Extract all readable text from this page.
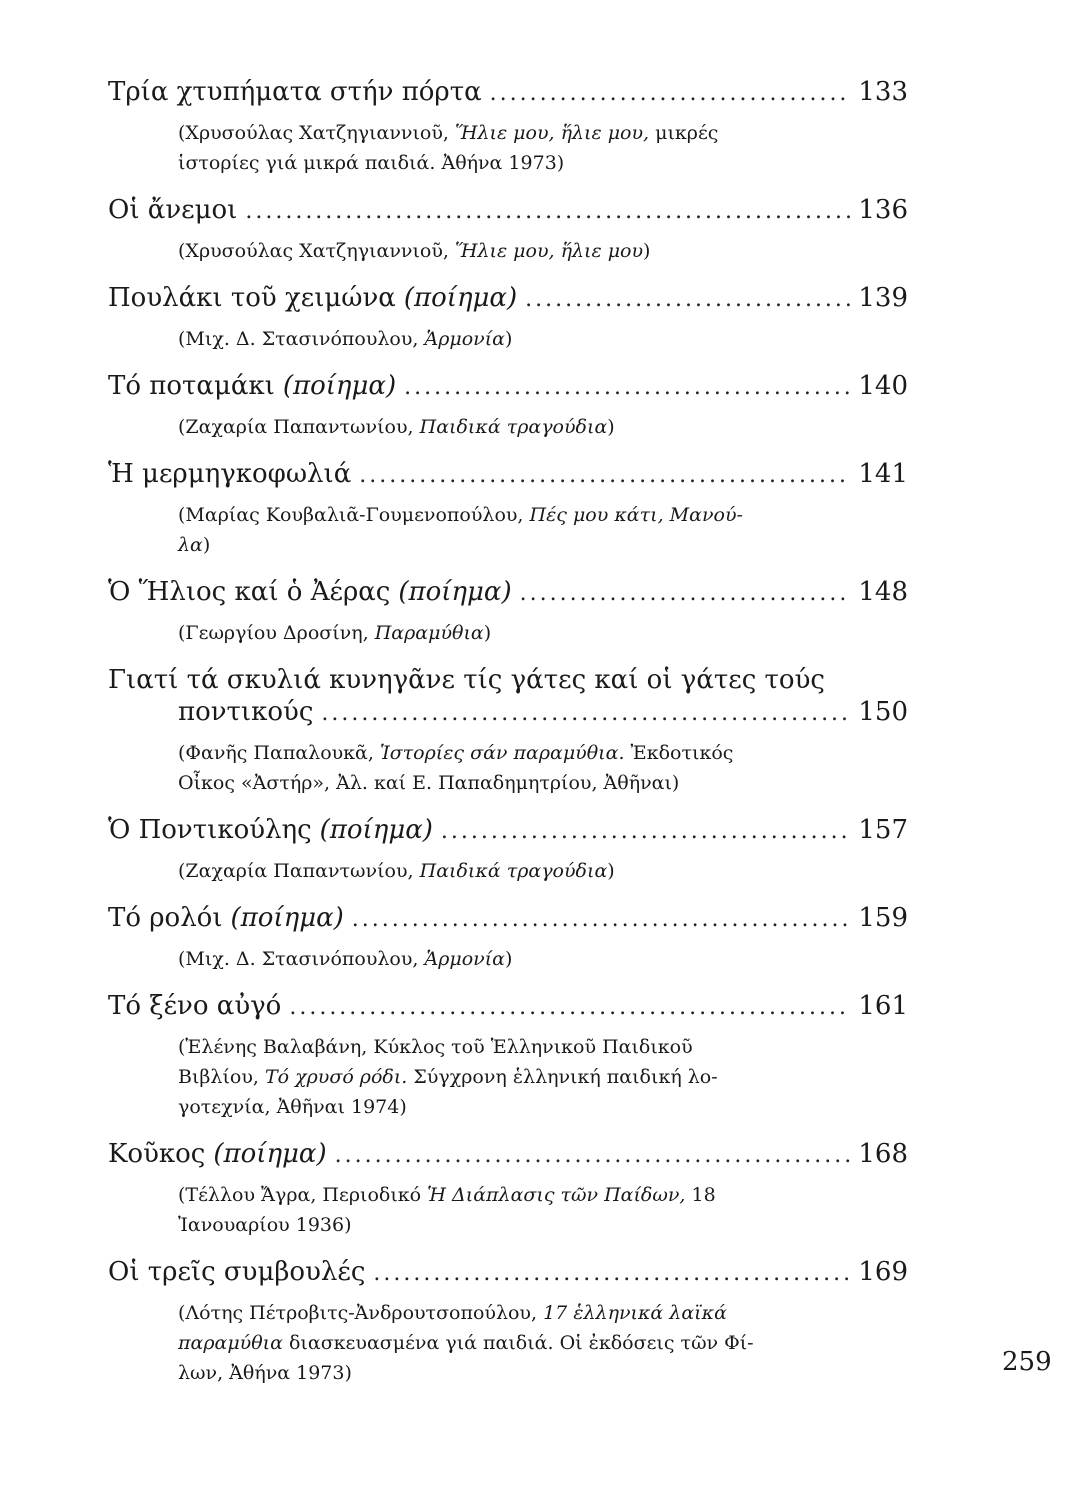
Τρία χτυπήματα στήν πόρτα .....	133
(Χρυσούλας Χατζηγιαννιοῦ, Ἥλιε μου, ἥλιε μου, μικρές
ἱστορίες γιά μικρά παιδιά. Ἀθήνα 1973)
Οἱ ἄνεμοι .....	136
(Χρυσούλας Χατζηγιαννιοῦ, Ἥλιε μου, ἥλιε μου)
Πουλάκι τοῦ χειμώνα (ποίημα) .....	139
(Μιχ. Δ. Στασινόπουλου, Ἁρμονία)
Τό ποταμάκι (ποίημα) .....	140
(Ζαχαρία Παπαντωνίου, Παιδικά τραγούδια)
Ἡ μερμηγκοφωλιά .....	141
(Μαρίας Κουβαλιᾶ-Γουμενοπούλου, Πές μου κάτι, Μανού-
λα)
Ὁ Ἥλιος καί ὁ Ἀέρας (ποίημα) .....	148
(Γεωργίου Δροσίνη, Παραμύθια)
Γιατί τά σκυλιά κυνηγᾶνε τίς γάτες καί οἱ γάτες τούς
ποντικούς .....	150
(Φανῆς Παπαλουκᾶ, Ἱστορίες σάν παραμύθια. Ἐκδοτικός
Οἶκος «Ἀστήρ», Ἀλ. καί Ε. Παπαδημητρίου, Ἀθῆναι)
Ὁ Ποντικούλης (ποίημα) .....	157
(Ζαχαρία Παπαντωνίου, Παιδικά τραγούδια)
Τό ρολόι (ποίημα) .....	159
(Μιχ. Δ. Στασινόπουλου, Ἁρμονία)
Τό ξένο αὐγό .....	161
(Ἑλένης Βαλαβάνη, Κύκλος τοῦ Ἑλληνικοῦ Παιδικοῦ
Βιβλίου, Τό χρυσό ρόδι. Σύγχρονη ἑλληνική παιδική λο-
γοτεχνία, Ἀθῆναι 1974)
Κοῦκος (ποίημα) .....	168
(Τέλλου Ἄγρα, Περιοδικό Ἡ Διάπλασις τῶν Παίδων, 18
Ἰανουαρίου 1936)
Οἱ τρεῖς συμβουλές .....	169
(Λότης Πέτροβιτς-Ἀνδρουτσοπούλου, 17 ἑλληνικά λαϊκά
παραμύθια διασκευασμένα γιά παιδιά. Οἱ ἐκδόσεις τῶν Φί-
λων, Ἀθήνα 1973)	259
